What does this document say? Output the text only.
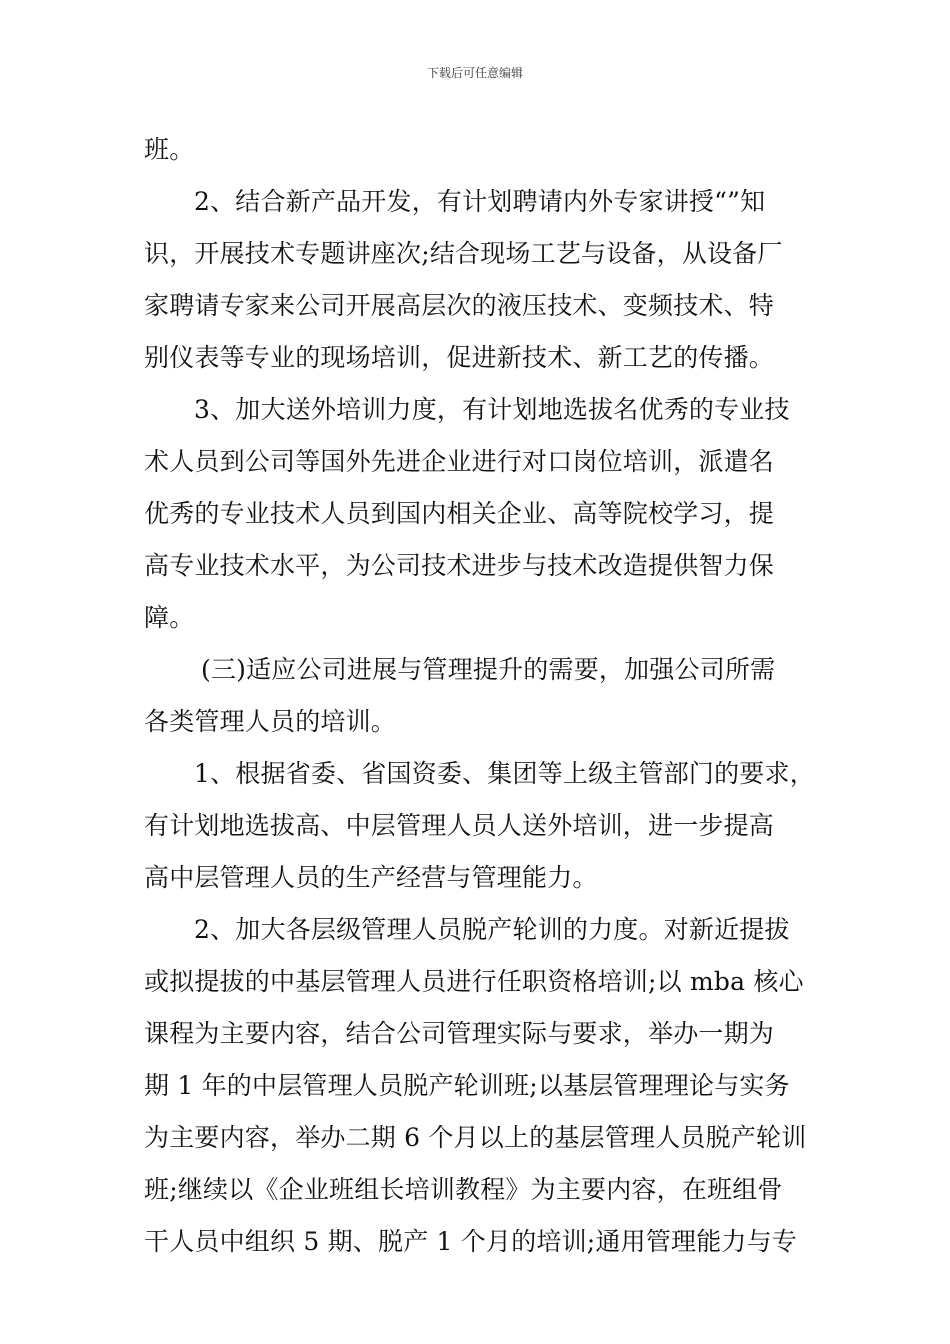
下载后可任意编辑
班。
2、结合新产品开发，有计划聘请内外专家讲授“”知
识，开展技术专题讲座次;结合现场工艺与设备，从设备厂
家聘请专家来公司开展高层次的液压技术、变频技术、特
别仪表等专业的现场培训，促进新技术、新工艺的传播。
3、加大送外培训力度，有计划地选拔名优秀的专业技
术人员到公司等国外先进企业进行对口岗位培训，派遣名
优秀的专业技术人员到国内相关企业、高等院校学习，提
高专业技术水平，为公司技术进步与技术改造提供智力保
障。
(三)适应公司进展与管理提升的需要，加强公司所需
各类管理人员的培训。
1、根据省委、省国资委、集团等上级主管部门的要求，
有计划地选拔高、中层管理人员人送外培训，进一步提高
高中层管理人员的生产经营与管理能力。
2、加大各层级管理人员脱产轮训的力度。对新近提拔
或拟提拔的中基层管理人员进行任职资格培训;以 mba 核心
课程为主要内容，结合公司管理实际与要求，举办一期为
期 1 年的中层管理人员脱产轮训班;以基层管理理论与实务
为主要内容，举办二期 6 个月以上的基层管理人员脱产轮训
班;继续以《企业班组长培训教程》为主要内容，在班组骨
干人员中组织 5 期、脱产 1 个月的培训;通用管理能力与专
